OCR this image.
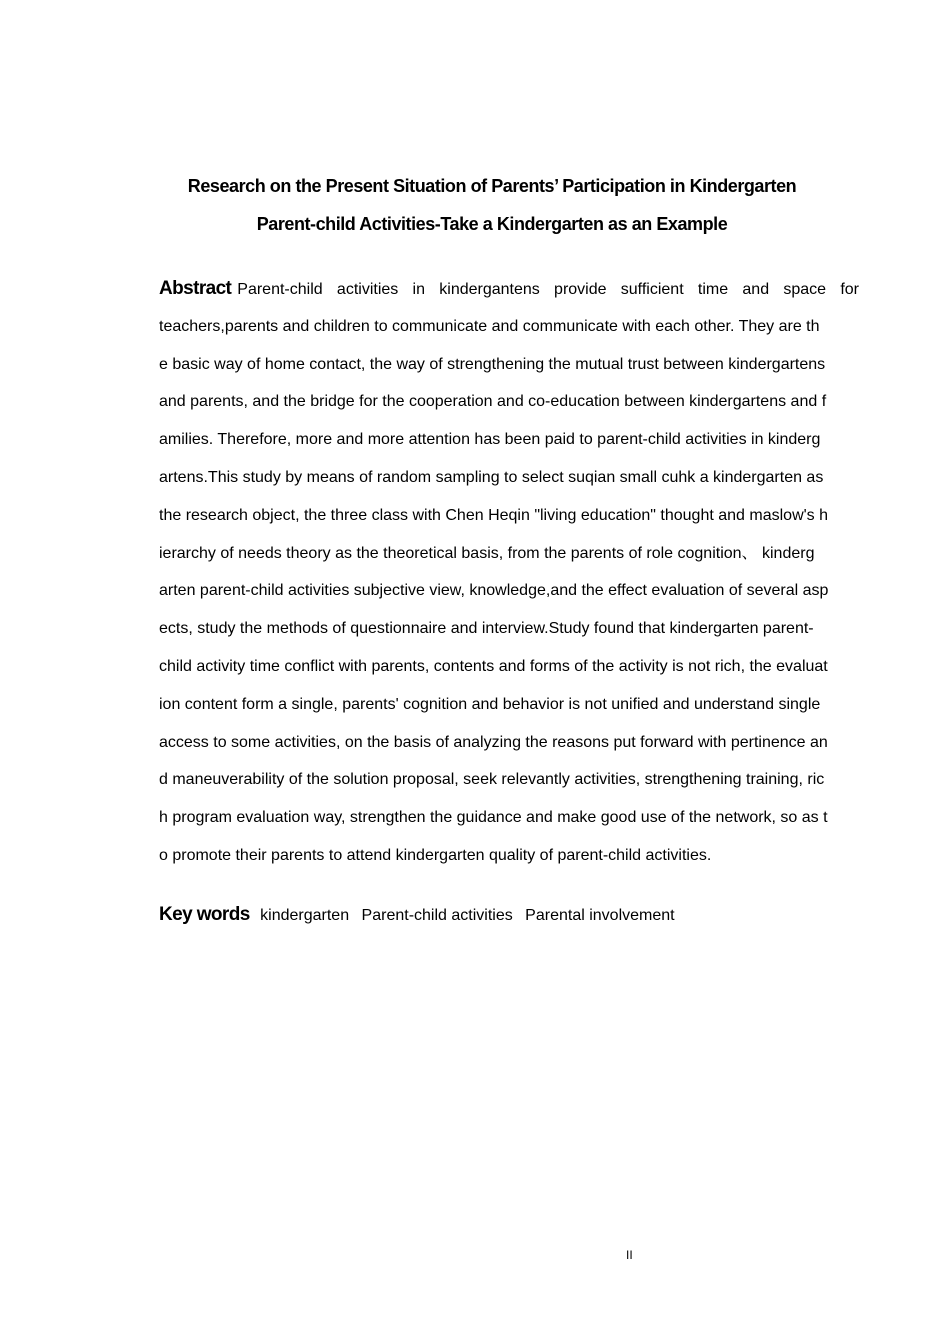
Research on the Present Situation of Parents’ Participation in Kindergarten
Parent-child Activities-Take a Kindergarten as an Example
Abstract Parent-child activities in kindergantens provide sufficient time and space for
teachers,parents and children to communicate and communicate with each other. They are th
e basic way of home contact, the way of strengthening the mutual trust between kindergartens
and parents, and the bridge for the cooperation and co-education between kindergartens and f
amilies. Therefore, more and more attention has been paid to parent-child activities in kinderg
artens.This study by means of random sampling to select suqian small cuhk a kindergarten as
the research object, the three class with Chen Heqin "living education" thought and maslow's h
ierarchy of needs theory as the theoretical basis, from the parents of role cognition、 kinderg
arten parent-child activities subjective view, knowledge,and the effect evaluation of several asp
ects, study the methods of questionnaire and interview.Study found that kindergarten parent-
child activity time conflict with parents, contents and forms of the activity is not rich, the evaluat
ion content form a single, parents' cognition and behavior is not unified and understand single
access to some activities, on the basis of analyzing the reasons put forward with pertinence an
d maneuverability of the solution proposal, seek relevantly activities, strengthening training, ric
h program evaluation way, strengthen the guidance and make good use of the network, so as t
o promote their parents to attend kindergarten quality of parent-child activities.
Key words kindergarten Parent-child activities Parental involvement
II
